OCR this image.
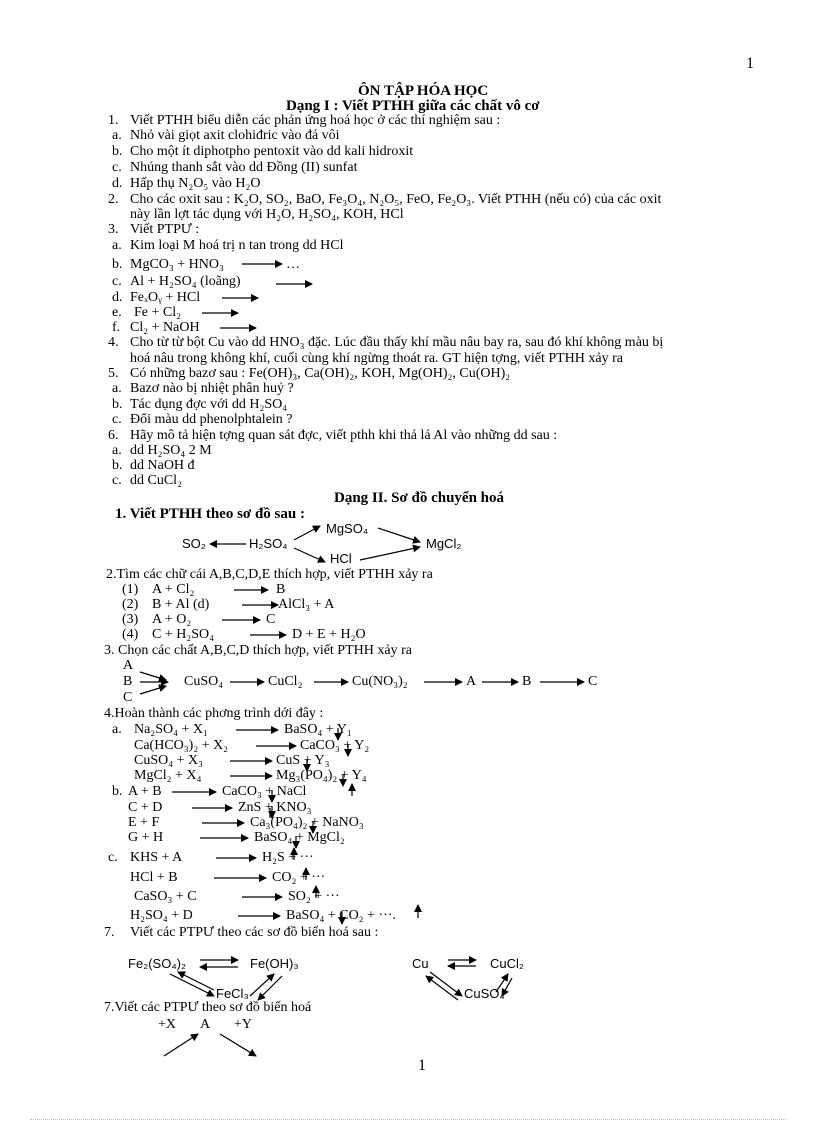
1
ÔN TẬP HÓA HỌC
Dạng I : Viết PTHH giữa các chất vô cơ
1. Viết PTHH biểu diễn các phản ứng hoá học ở các thí nghiệm sau :
a. Nhỏ vài giọt axit clohiđric vào đá vôi
b. Cho một ít diphotpho pentoxit vào dd kali hidroxit
c. Nhúng thanh sắt vào dd Đồng (II) sunfat
d. Hấp thụ N₂O₅ vào H₂O
2. Cho các oxit sau : K₂O, SO₂, BaO, Fe₃O₄, N₂O₅, FeO, Fe₂O₃. Viết PTHH (nếu có) của các oxit
này lần lợt tác dụng với H₂O, H₂SO₄, KOH, HCl
3. Viết PTPƯ :
a. Kim loại M hoá trị n tan trong dd HCl
b. MgCO₃ + HNO₃	…
c. Al + H₂SO₄ (loãng)
d. FeₓOᵧ + HCl
e. Fe + Cl₂
f. Cl₂ + NaOH
4. Cho từ từ bột Cu vào dd HNO₃ đặc. Lúc đầu thấy khí mầu nâu bay ra, sau đó khí không màu bị
hoá nâu trong không khí, cuối cùng khí ngừng thoát ra. GT hiện tợng, viết PTHH xảy ra
5. Có những bazơ sau : Fe(OH)₃, Ca(OH)₂, KOH, Mg(OH)₂, Cu(OH)₂
a. Bazơ nào bị nhiệt phân huỷ ?
b. Tác dụng đợc với dd H₂SO₄
c. Đổi màu dd phenolphtalein ?
6. Hãy mô tả hiện tợng quan sát đợc, viết pthh khi thả lá Al vào những dd sau :
a. dd H₂SO₄ 2 M
b. dd NaOH đ
c. dd CuCl₂
Dạng II. Sơ đồ chuyển hoá
1. Viết PTHH theo sơ đồ sau :
SO₂	H₂SO₄
MgSO₄
HCl
MgCl₂
2.Tìm các chữ cái A,B,C,D,E thích hợp, viết PTHH xảy ra
(1) A + Cl₂	B
(2) B + Al (d)	AlCl₃ + A
(3) A + O₂	C
(4) C + H₂SO₄	D + E + H₂O
3. Chọn các chất A,B,C,D thích hợp, viết PTHH xảy ra
A
B
C
CuSO₄	CuCl₂	Cu(NO₃)₂	A	B	C
4.Hoàn thành các phơng trình dới đây :
a. Na₂SO₄ + X₁	BaSO₄ + Y₁
Ca(HCO₃)₂ + X₂	CaCO₃ + Y₂
CuSO₄ + X₃	CuS + Y₃
MgCl₂ + X₄	Mg₃(PO₄)₂ + Y₄
b. A + B	CaCO₃ + NaCl
C + D	ZnS + KNO₃
E + F	Ca₃(PO₄)₂ + NaNO₃
G + H	BaSO₄ + MgCl₂
c. KHS + A	H₂S + ···
HCl + B	CO₂ + ···
CaSO₃ + C	SO₂ + ···
H₂SO₄ + D	BaSO₄ + CO₂ + ···.
7. Viết các PTPƯ theo các sơ đồ biến hoá sau :
Fe₂(SO₄)₂	Fe(OH)₃
FeCl₃
Cu	CuCl₂
CuSO₄
7.Viết các PTPƯ theo sơ đồ biến hoá
+X A +Y
1
